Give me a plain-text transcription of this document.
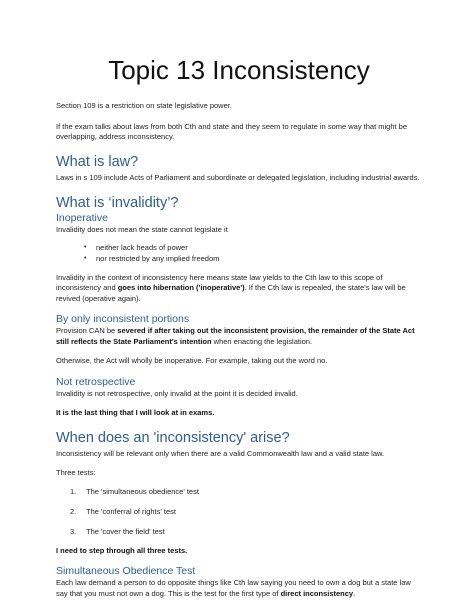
Topic 13 Inconsistency

Section 109 is a restriction on state legislative power.

If the exam talks about laws from both Cth and state and they seem to regulate in some way that might be overlapping, address inconsistency.

What is law?

Laws in s 109 include Acts of Parliament and subordinate or delegated legislation, including industrial awards.

What is ‘invalidity’?
Inoperative

Invalidity does not mean the state cannot legislate it

• neither lack heads of power
• nor restricted by any implied freedom

Invalidity in the context of inconsistency here means state law yields to the Cth law to this scope of inconsistency and goes into hibernation ('inoperative'). If the Cth law is repealed, the state's law will be revived (operative again).

By only inconsistent portions

Provision CAN be severed if after taking out the inconsistent provision, the remainder of the State Act still reflects the State Parliament's intention when enacting the legislation.

Otherwise, the Act will wholly be inoperative. For example, taking out the word no.

Not retrospective

Invalidity is not retrospective, only invalid at the point it is decided invalid.

It is the last thing that I will look at in exams.

When does an 'inconsistency' arise?

Inconsistency will be relevant only when there are a valid Commonwealth law and a valid state law.

Three tests:

1.	The 'simultaneous obedience' test
2.	The 'conferral of rights' test
3.	The 'cover the field' test

I need to step through all three tests.

Simultaneous Obedience Test

Each law demand a person to do opposite things like Cth law saying you need to own a dog but a state law say that you must not own a dog. This is the test for the first type of direct inconsistency.
